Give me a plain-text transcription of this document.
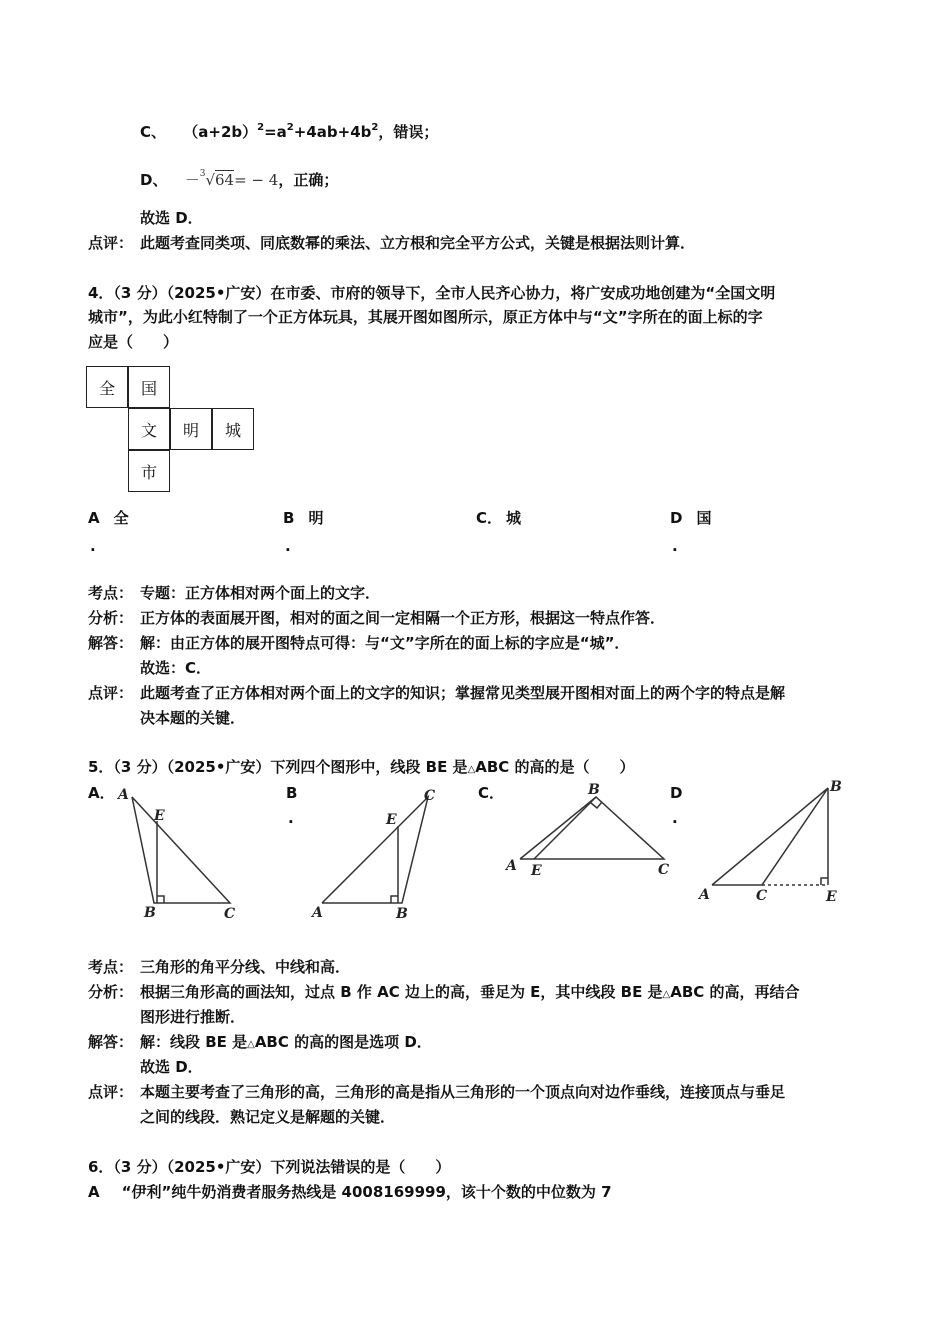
C、 $(a+2b)^2=a^2+4ab+4b^2$，错误；
D、 －$^3$√64= − 4，正确；
故选 D．
点评： 此题考查同类项、同底数幂的乘法、立方根和完全平方公式，关键是根据法则计算．
4．（3 分）（2025•广安）在市委、市府的领导下，全市人民齐心协力，将广安成功地创建为“全国文明
城市”，为此小红特制了一个正方体玩具，其展开图如图所示，原正方体中与“文”字所在的面上标的字
应是（　　）
全	国
文	明	城
市
A 全
.
B 明
.
C． 城	D 国
.
考点： 专题：正方体相对两个面上的文字．
分析： 正方体的表面展开图，相对的面之间一定相隔一个正方形，根据这一特点作答．
解答： 解：由正方体的展开图特点可得：与“文”字所在的面上标的字应是“城”．
故选：C．
点评： 此题考查了正方体相对两个面上的文字的知识；掌握常见类型展开图相对面上的两个字的特点是解
决本题的关键．
5．（3 分）（2025•广安）下列四个图形中，线段 BE 是△ABC 的高的是（　　）
A．	B
.
C．	D
.
A
E
B	C	A
E
B
C
A E
B
C
A	C
B
E
考点： 三角形的角平分线、中线和高．
分析： 根据三角形高的画法知，过点 B 作 AC 边上的高，垂足为 E，其中线段 BE 是△ABC 的高，再结合
图形进行推断．
解答： 解：线段 BE 是△ABC 的高的图是选项 D．
故选 D．
点评： 本题主要考查了三角形的高，三角形的高是指从三角形的一个顶点向对边作垂线，连接顶点与垂足
之间的线段．熟记定义是解题的关键．
6．（3 分）（2025•广安）下列说法错误的是（　　）
A “伊利”纯牛奶消费者服务热线是 4008169999，该十个数的中位数为 7
